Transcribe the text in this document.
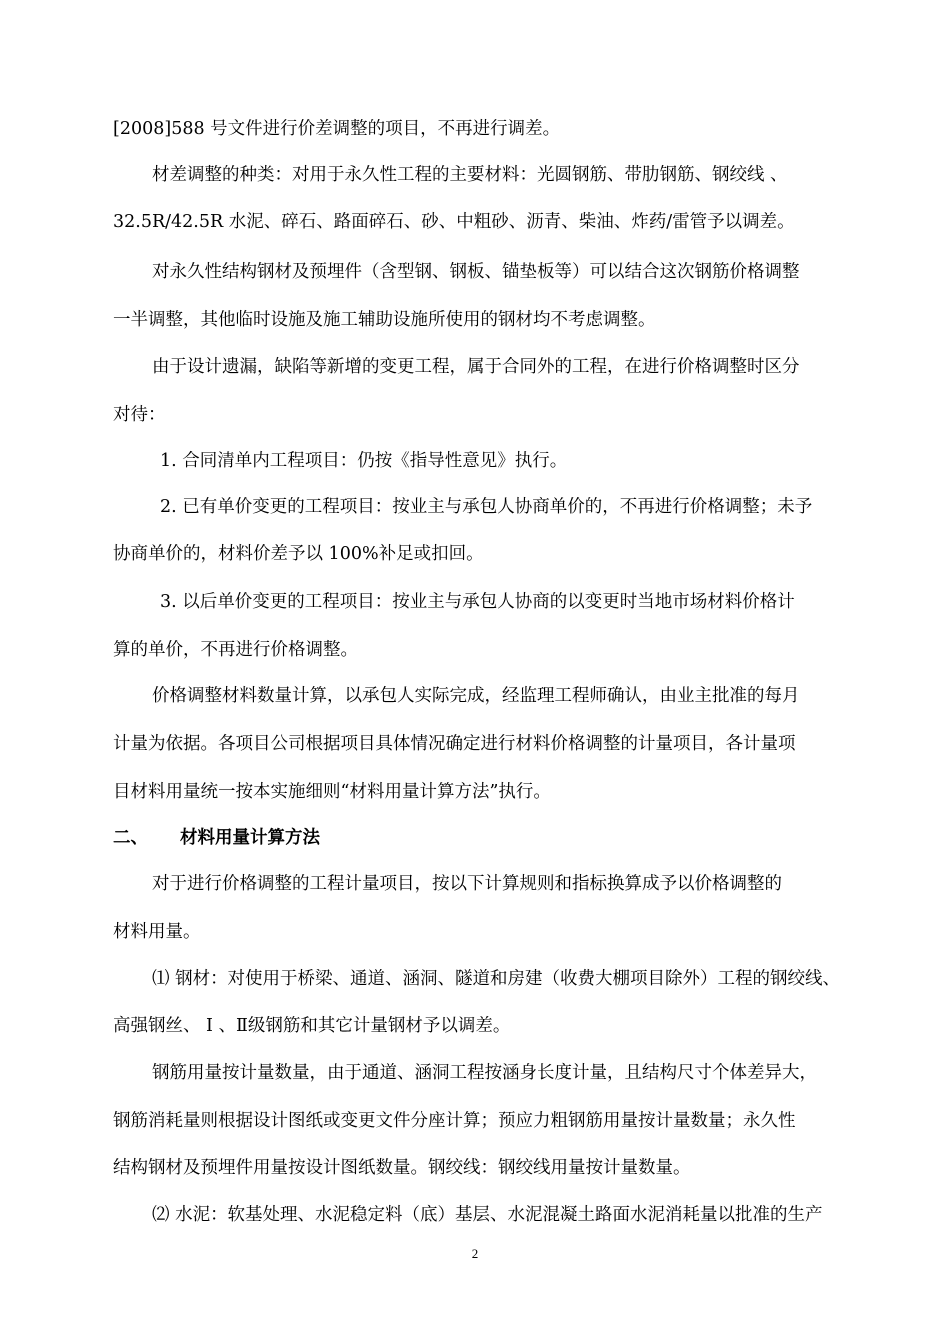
[2008]588 号文件进行价差调整的项目，不再进行调差。
材差调整的种类：对用于永久性工程的主要材料：光圆钢筋、带肋钢筋、钢绞线 、
32.5R/42.5R 水泥、碎石、路面碎石、砂、中粗砂、沥青、柴油、炸药/雷管予以调差。
对永久性结构钢材及预埋件（含型钢、钢板、锚垫板等）可以结合这次钢筋价格调整
一半调整，其他临时设施及施工辅助设施所使用的钢材均不考虑调整。
由于设计遗漏，缺陷等新增的变更工程，属于合同外的工程，在进行价格调整时区分
对待：
1. 合同清单内工程项目：仍按《指导性意见》执行。
2. 已有单价变更的工程项目：按业主与承包人协商单价的，不再进行价格调整；未予
协商单价的，材料价差予以 100%补足或扣回。
3. 以后单价变更的工程项目：按业主与承包人协商的以变更时当地市场材料价格计
算的单价，不再进行价格调整。
价格调整材料数量计算，以承包人实际完成，经监理工程师确认，由业主批准的每月
计量为依据。各项目公司根据项目具体情况确定进行材料价格调整的计量项目，各计量项
目材料用量统一按本实施细则“材料用量计算方法”执行。
二、 材料用量计算方法
对于进行价格调整的工程计量项目，按以下计算规则和指标换算成予以价格调整的
材料用量。
⑴ 钢材：对使用于桥梁、通道、涵洞、隧道和房建（收费大棚项目除外）工程的钢绞线、
高强钢丝、 Ⅰ 、Ⅱ级钢筋和其它计量钢材予以调差。
钢筋用量按计量数量，由于通道、涵洞工程按涵身长度计量，且结构尺寸个体差异大，
钢筋消耗量则根据设计图纸或变更文件分座计算；预应力粗钢筋用量按计量数量；永久性
结构钢材及预埋件用量按设计图纸数量。钢绞线：钢绞线用量按计量数量。
⑵ 水泥：软基处理、水泥稳定料（底）基层、水泥混凝土路面水泥消耗量以批准的生产
2
